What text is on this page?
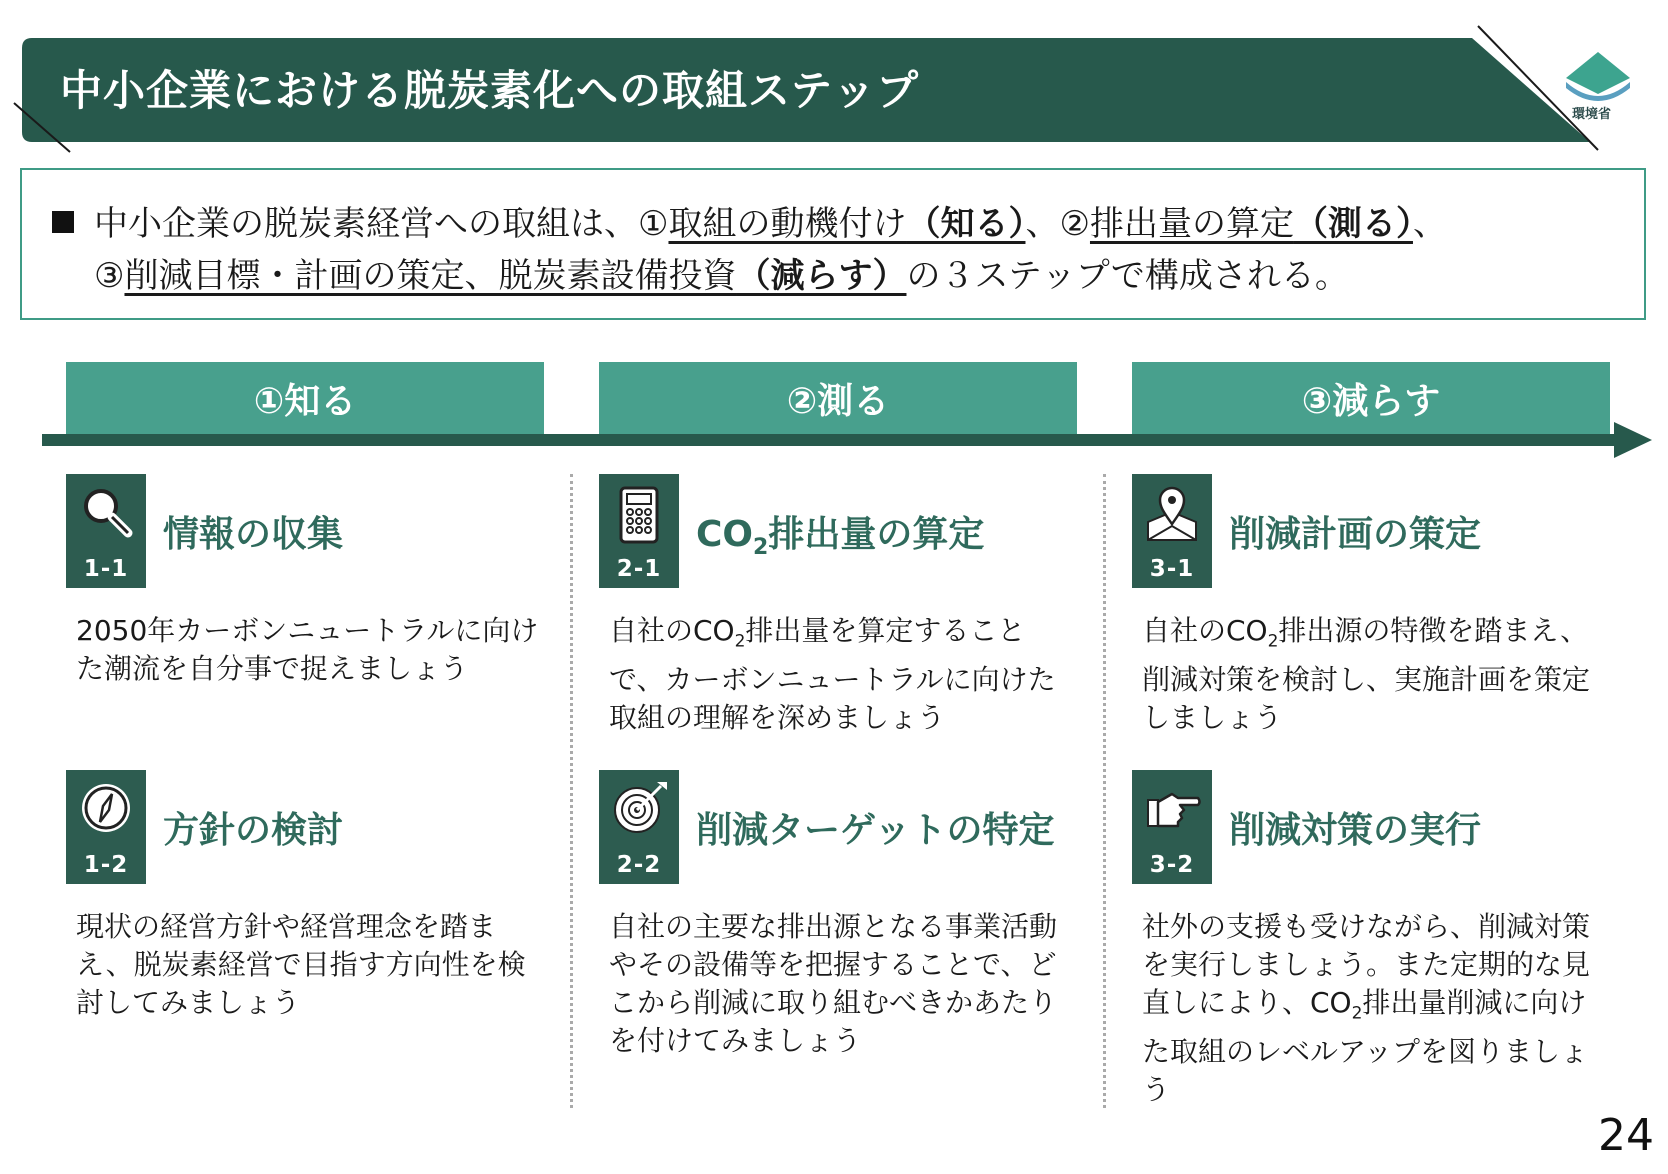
中小企業における脱炭素化への取組ステップ	環境省
中小企業の脱炭素経営への取組は、①取組の動機付け（知る）、②排出量の算定（測る）、
③削減目標・計画の策定、脱炭素設備投資（減らす）の３ステップで構成される。
①知る	②測る	③減らす
1-1
情報の収集
2050年カーボンニュートラルに向けた潮流を自分事で捉えましょう
1-2
方針の検討
現状の経営方針や経営理念を踏まえ、脱炭素経営で目指す方向性を検討してみましょう
2-1
$CO_2$排出量の算定
自社の$CO_2$排出量を算定することで、カーボンニュートラルに向けた取組の理解を深めましょう
2-2
削減ターゲットの特定
自社の主要な排出源となる事業活動やその設備等を把握することで、どこから削減に取り組むべきかあたりを付けてみましょう
3-1
削減計画の策定
自社の$CO_2$排出源の特徴を踏まえ、削減対策を検討し、実施計画を策定しましょう
3-2
削減対策の実行
社外の支援も受けながら、削減対策を実行しましょう。また定期的な見直しにより、$CO_2$排出量削減に向けた取組のレベルアップを図りましょう
24
